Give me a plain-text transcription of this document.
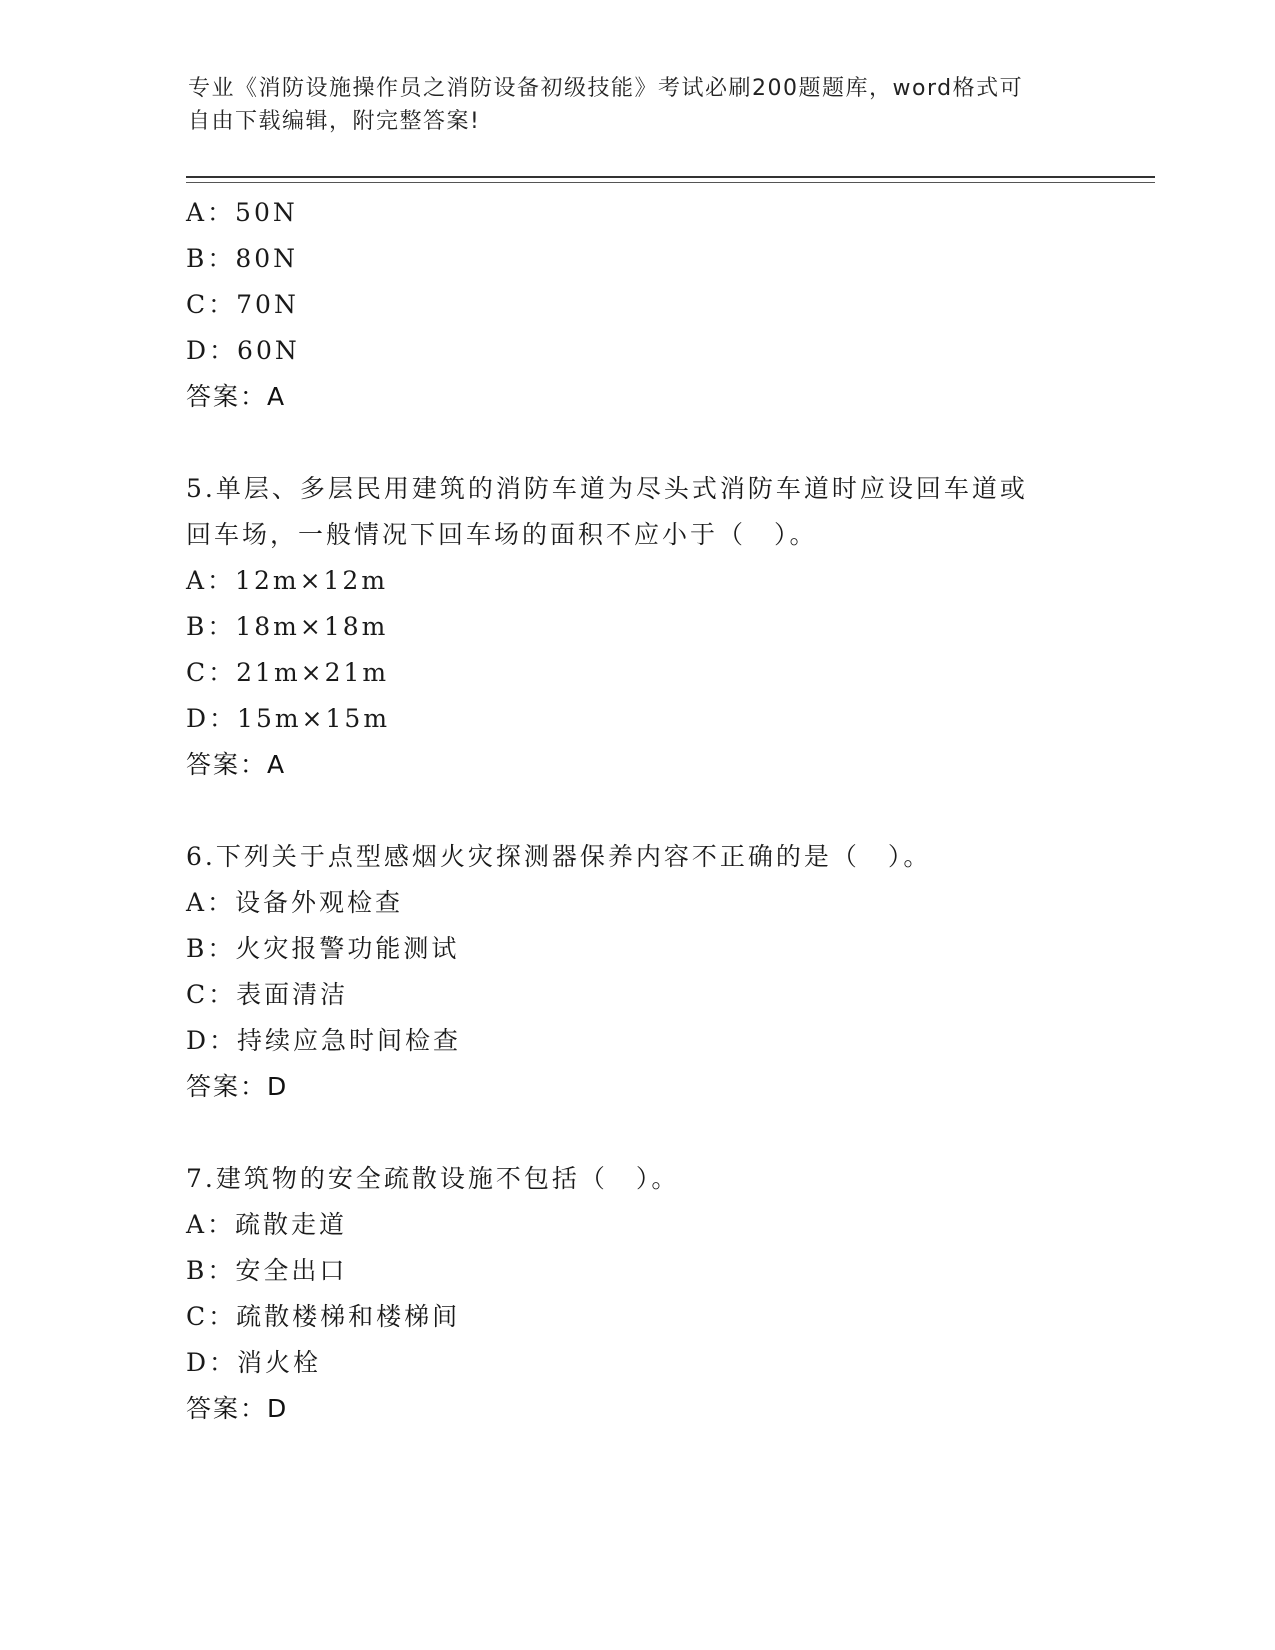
专业《消防设施操作员之消防设备初级技能》考试必刷200题题库，word格式可
自由下载编辑，附完整答案!
A：50N
B：80N
C：70N
D：60N
答案：A
5.单层、多层民用建筑的消防车道为尽头式消防车道时应设回车道或
回车场，一般情况下回车场的面积不应小于（　）。
A：12m×12m
B：18m×18m
C：21m×21m
D：15m×15m
答案：A
6.下列关于点型感烟火灾探测器保养内容不正确的是（　）。
A：设备外观检查
B：火灾报警功能测试
C：表面清洁
D：持续应急时间检查
答案：D
7.建筑物的安全疏散设施不包括（　）。
A：疏散走道
B：安全出口
C：疏散楼梯和楼梯间
D：消火栓
答案：D
